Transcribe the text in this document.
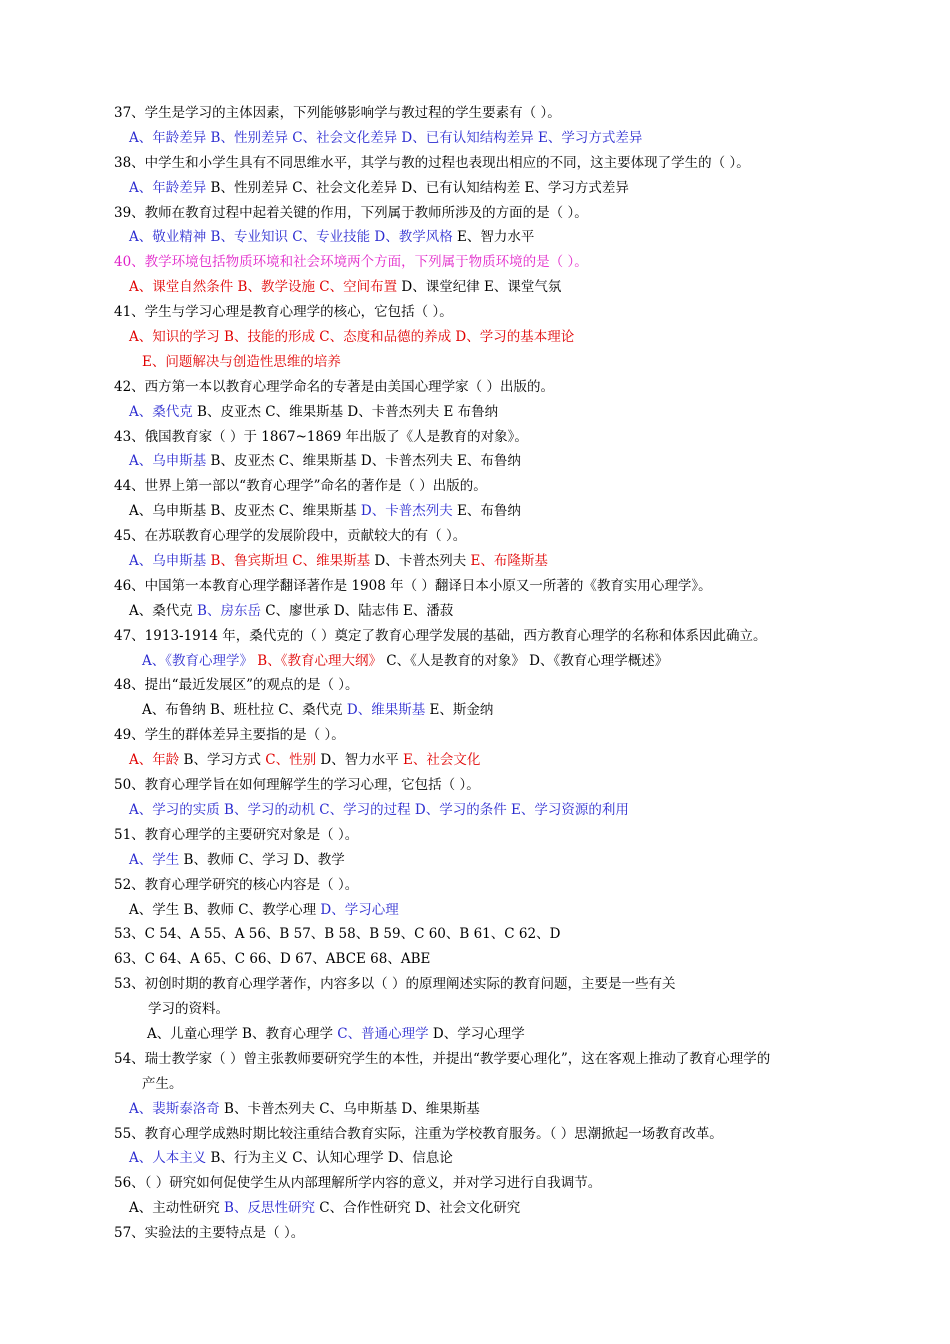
37、学生是学习的主体因素，下列能够影响学与教过程的学生要素有（ ）。
A、年龄差异 B、性别差异 C、社会文化差异 D、已有认知结构差异 E、学习方式差异
38、中学生和小学生具有不同思维水平，其学与教的过程也表现出相应的不同，这主要体现了学生的（ ）。
A、年龄差异 B、性别差异 C、社会文化差异 D、已有认知结构差 E、学习方式差异
39、教师在教育过程中起着关键的作用，下列属于教师所涉及的方面的是（ ）。
A、敬业精神 B、专业知识 C、专业技能 D、教学风格 E、智力水平
40、教学环境包括物质环境和社会环境两个方面，下列属于物质环境的是（ ）。
A、课堂自然条件 B、教学设施 C、空间布置 D、课堂纪律 E、课堂气氛
41、学生与学习心理是教育心理学的核心，它包括（ ）。
A、知识的学习 B、技能的形成 C、态度和品德的养成 D、学习的基本理论
E、问题解决与创造性思维的培养
42、西方第一本以教育心理学命名的专著是由美国心理学家（ ）出版的。
A、桑代克 B、皮亚杰 C、维果斯基 D、卡普杰列夫 E 布鲁纳
43、俄国教育家（ ）于 1867~1869 年出版了《人是教育的对象》。
A、乌申斯基 B、皮亚杰 C、维果斯基 D、卡普杰列夫 E、布鲁纳
44、世界上第一部以“教育心理学”命名的著作是（ ）出版的。
A、乌申斯基 B、皮亚杰 C、维果斯基 D、卡普杰列夫 E、布鲁纳
45、在苏联教育心理学的发展阶段中，贡献较大的有（ ）。
A、乌申斯基 B、鲁宾斯坦 C、维果斯基 D、卡普杰列夫 E、布隆斯基
46、中国第一本教育心理学翻译著作是 1908 年（ ）翻译日本小原又一所著的《教育实用心理学》。
A、桑代克 B、房东岳 C、廖世承 D、陆志伟 E、潘菽
47、1913-1914 年，桑代克的（ ）奠定了教育心理学发展的基础，西方教育心理学的名称和体系因此确立。
A、《教育心理学》 B、《教育心理大纲》 C、《人是教育的对象》 D、《教育心理学概述》
48、提出“最近发展区”的观点的是（ ）。
A、布鲁纳 B、班杜拉 C、桑代克 D、维果斯基 E、斯金纳
49、学生的群体差异主要指的是（ ）。
A、年龄 B、学习方式 C、性别 D、智力水平 E、社会文化
50、教育心理学旨在如何理解学生的学习心理，它包括（ ）。
A、学习的实质 B、学习的动机 C、学习的过程 D、学习的条件 E、学习资源的利用
51、教育心理学的主要研究对象是（ ）。
A、学生 B、教师 C、学习 D、教学
52、教育心理学研究的核心内容是（ ）。
A、学生 B、教师 C、教学心理 D、学习心理
53、C 54、A 55、A 56、B 57、B 58、B 59、C 60、B 61、C 62、D
63、C 64、A 65、C 66、D 67、ABCE 68、ABE
53、初创时期的教育心理学著作，内容多以（ ）的原理阐述实际的教育问题，主要是一些有关
学习的资料。
A、儿童心理学 B、教育心理学 C、普通心理学 D、学习心理学
54、瑞士教学家（ ）曾主张教师要研究学生的本性，并提出“教学要心理化”，这在客观上推动了教育心理学的
产生。
A、裴斯泰洛奇 B、卡普杰列夫 C、乌申斯基 D、维果斯基
55、教育心理学成熟时期比较注重结合教育实际，注重为学校教育服务。（ ）思潮掀起一场教育改革。
A、人本主义 B、行为主义 C、认知心理学 D、信息论
56、（ ）研究如何促使学生从内部理解所学内容的意义，并对学习进行自我调节。
A、主动性研究 B、反思性研究 C、合作性研究 D、社会文化研究
57、实验法的主要特点是（ ）。
